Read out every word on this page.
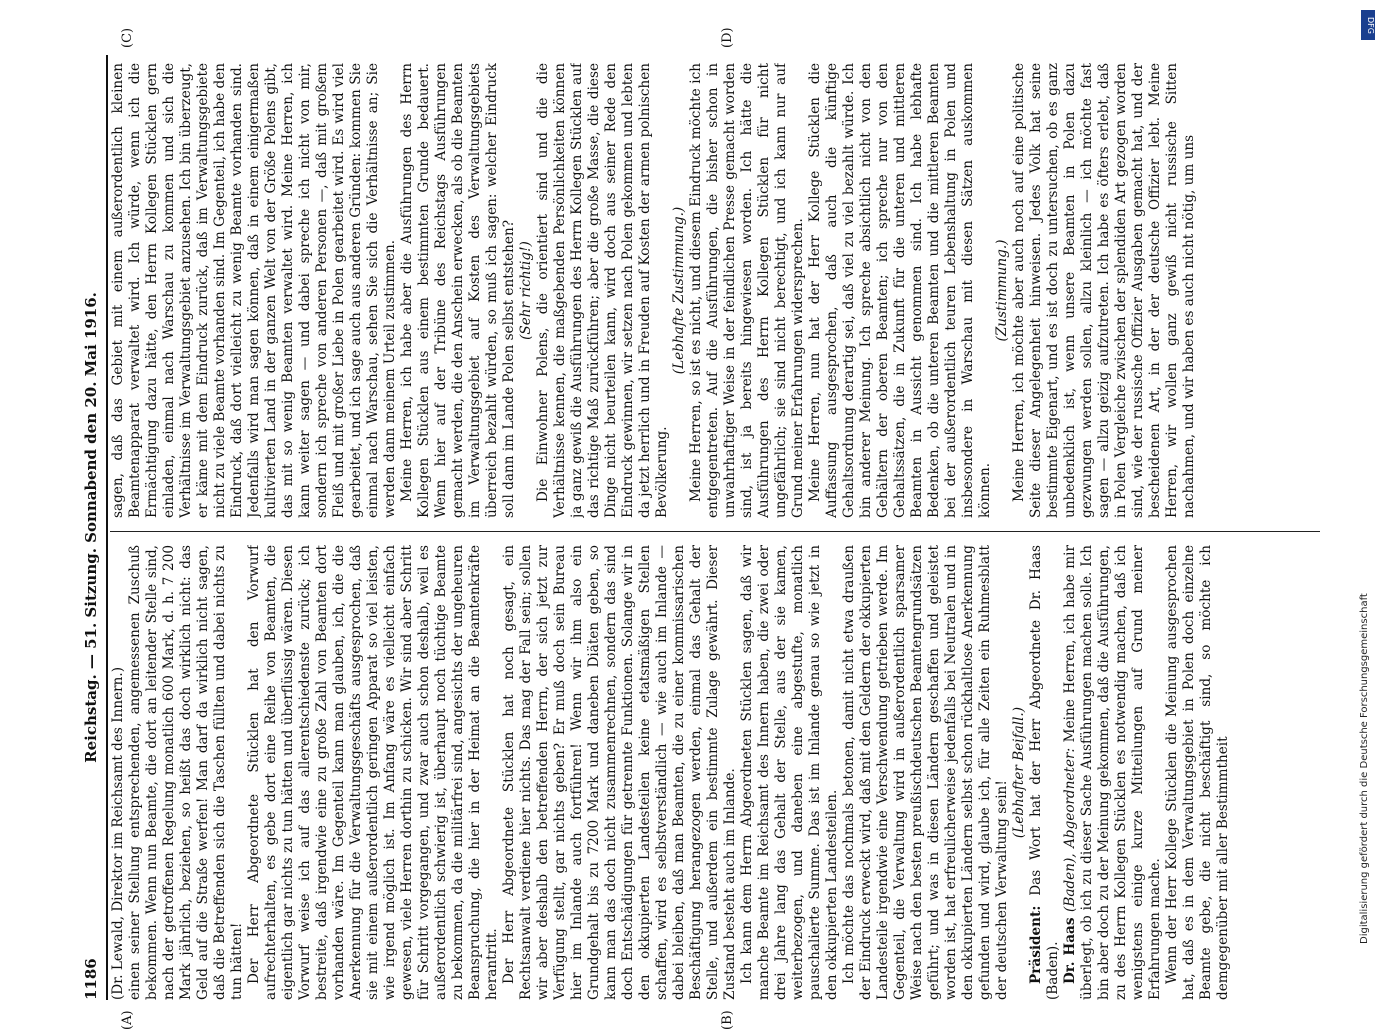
1186
Reichstag. — 51. Sitzung. Sonnabend den 20. Mai 1916.
(A)	(B)
(C)	(D)

(Dr. Lewald, Direktor im Reichsamt des Innern.) einen seiner Stellung entsprechenden, angemessenen Zuschuß bekommen. Wenn nun Beamte, die dort an leitender Stelle sind, nach der getroffenen Regelung monatlich 600 Mark, d. h. 7 200 Mark jährlich, beziehen, so heißt das doch wirklich nicht: das Geld auf die Straße werfen! Man darf da wirklich nicht sagen, daß die Betreffenden sich die Taschen füllten und dabei nichts zu tun hätten! Der Herr Abgeordnete Stücklen hat den Vorwurf aufrechterhalten, es gebe dort eine Reihe von Beamten, die eigentlich gar nichts zu tun hätten und überflüssig wären. Diesen Vorwurf weise ich auf das allerentschiedenste zurück; ich bestreite, daß irgendwie eine zu große Zahl von Beamten dort vorhanden wäre. Im Gegenteil kann man glauben, ich, die die Anerkennung für die Verwaltungsgeschäfts ausgesprochen, daß sie mit einem außerordentlich geringen Apparat so viel leisten, wie irgend möglich ist. Im Anfang wäre es vielleicht einfach gewesen, viele Herren dorthin zu schicken. Wir sind aber Schritt für Schritt vorgegangen, und zwar auch schon deshalb, weil es außerordentlich schwierig ist, überhaupt noch tüchtige Beamte zu bekommen, da die militärfrei sind, angesichts der ungeheuren Beanspruchung, die hier in der Heimat an die Beamtenkräfte herantritt. Der Herr Abgeordnete Stücklen hat noch gesagt, ein Rechtsanwalt verdiene hier nichts. Das mag der Fall sein; sollen wir aber deshalb den betreffenden Herrn, der sich jetzt zur Verfügung stellt, gar nichts geben? Er muß doch sein Bureau hier im Inlande auch fortführen! Wenn wir ihm also ein Grundgehalt bis zu 7200 Mark und daneben Diäten geben, so kann man das doch nicht zusammenrechnen, sondern das sind doch Entschädigungen für getrennte Funktionen. Solange wir in den okkupierten Landesteilen keine etatsmäßigen Stellen schaffen, wird es selbstverständlich — wie auch im Inlande — dabei bleiben, daß man Beamten, die zu einer kommissarischen Beschäftigung herangezogen werden, einmal das Gehalt der Stelle, und außerdem ein bestimmte Zulage gewährt. Dieser Zustand besteht auch im Inlande. Ich kann dem Herrn Abgeordneten Stücklen sagen, daß wir manche Beamte im Reichsamt des Innern haben, die zwei oder drei Jahre lang das Gehalt der Stelle, aus der sie kamen, weiterbezogen, und daneben eine abgestufte, monatlich pauschalierte Summe. Das ist im Inlande genau so wie jetzt in den okkupierten Landesteilen. Ich möchte das nochmals betonen, damit nicht etwa draußen der Eindruck erweckt wird, daß mit den Geldern der okkupierten Landesteile irgendwie eine Verschwendung getrieben werde. Im Gegenteil, die Verwaltung wird in außerordentlich sparsamer Weise nach den besten preußischdeutschen Beamtengrundsätzen geführt; und was in diesen Ländern geschaffen und geleistet worden ist, hat erfreulicherweise jedenfalls bei Neutralen und in den okkupierten Ländern selbst schon rückhaltlose Anerkennung gefunden und wird, glaube ich, für alle Zeiten ein Ruhmesblatt der deutschen Verwaltung sein!

(Lebhafter Beifall.)

Präsident: Das Wort hat der Herr Abgeordnete Dr. Haas (Baden). Dr. Haas (Baden), Abgeordneter: Meine Herren, ich habe mir überlegt, ob ich zu dieser Sache Ausführungen machen solle. Ich bin aber doch zu der Meinung gekommen, daß die Ausführungen, zu des Herrn Kollegen Stücklen es notwendig machen, daß ich wenigstens einige kurze Mitteilungen auf Grund meiner Erfahrungen mache. Wenn der Herr Kollege Stücklen die Meinung ausgesprochen hat, daß es in dem Verwaltungsgebiet in Polen doch einzelne Beamte gebe, die nicht beschäftigt sind, so möchte ich demgegenüber mit aller Bestimmtheit

sagen, daß das Gebiet mit einem außerordentlich kleinen Beamtenapparat verwaltet wird. Ich würde, wenn ich die Ermächtigung dazu hätte, den Herrn Kollegen Stücklen gern einladen, einmal nach Warschau zu kommen und sich die Verhältnisse im Verwaltungsgebiet anzusehen. Ich bin überzeugt, er käme mit dem Eindruck zurück, daß im Verwaltungsgebiete nicht zu viele Beamte vorhanden sind. Im Gegenteil, ich habe den Eindruck, daß dort vielleicht zu wenig Beamte vorhanden sind. Jedenfalls wird man sagen können, daß in einem einigermaßen kultivierten Land in der ganzen Welt von der Größe Polens gibt, das mit so wenig Beamten verwaltet wird. Meine Herren, ich kann weiter sagen — und dabei spreche ich nicht von mir, sondern ich spreche von anderen Personen —, daß mit großem Fleiß und mit großer Liebe in Polen gearbeitet wird. Es wird viel gearbeitet, und ich sage auch aus anderen Gründen: kommen Sie einmal nach Warschau, sehen Sie sich die Verhältnisse an; Sie werden dann meinem Urteil zustimmen. Meine Herren, ich habe aber die Ausführungen des Herrn Kollegen Stücklen aus einem bestimmten Grunde bedauert. Wenn hier auf der Tribüne des Reichstags Ausführungen gemacht werden, die den Anschein erwecken, als ob die Beamten im Verwaltungsgebiet auf Kosten des Verwaltungsgebiets überreich bezahlt würden, so muß ich sagen: welcher Eindruck soll dann im Lande Polen selbst entstehen? (Sehr richtig!) Die Einwohner Polens, die orientiert sind und die die Verhältnisse kennen, die maßgebenden Persönlichkeiten können ja ganz gewiß die Ausführungen des Herrn Kollegen Stücklen auf das richtige Maß zurückführen; aber die große Masse, die diese Dinge nicht beurteilen kann, wird doch aus seiner Rede den Eindruck gewinnen, wir setzen nach Polen gekommen und lebten da jetzt herrlich und in Freuden auf Kosten der armen polnischen Bevölkerung.

(Lebhafte Zustimmung.) Meine Herren, so ist es nicht, und diesem Eindruck möchte ich entgegentreten. Auf die Ausführungen, die bisher schon in unwahrhaftiger Weise in der feindlichen Presse gemacht worden sind, ist ja bereits hingewiesen worden. Ich hätte die Ausführungen des Herrn Kollegen Stücklen für nicht ungefährlich; sie sind nicht berechtigt, und ich kann nur auf Grund meiner Erfahrungen widersprechen. Meine Herren, nun hat der Herr Kollege Stücklen die Auffassung ausgesprochen, daß auch die künftige Gehaltsordnung derartig sei, daß viel zu viel bezahlt würde. Ich bin anderer Meinung. Ich spreche absichtlich nicht von den Gehältern der oberen Beamten; ich spreche nur von den Gehaltssätzen, die in Zukunft für die unteren und mittleren Beamten in Aussicht genommen sind. Ich habe lebhafte Bedenken, ob die unteren Beamten und die mittleren Beamten bei der außerordentlich teuren Lebenshaltung in Polen und insbesondere in Warschau mit diesen Sätzen auskommen können.

(Zustimmung.) Meine Herren, ich möchte aber auch noch auf eine politische Seite dieser Angelegenheit hinweisen. Jedes Volk hat seine bestimmte Eigenart, und es ist doch zu untersuchen, ob es ganz unbedenklich ist, wenn unsere Beamten in Polen dazu gezwungen werden sollen, allzu kleinlich — ich möchte fast sagen — allzu geizig aufzutreten. Ich habe es öfters erlebt, daß in Polen Vergleiche zwischen der splendiden Art gezogen worden sind, wie der russische Offizier Ausgaben gemacht hat, und der bescheidenen Art, in der der deutsche Offizier lebt. Meine Herren, wir wollen ganz gewiß nicht russische Sitten nachahmen, und wir haben es auch nicht nötig, um uns

DFG
Digitalisierung gefördert durch die Deutsche Forschungsgemeinschaft
